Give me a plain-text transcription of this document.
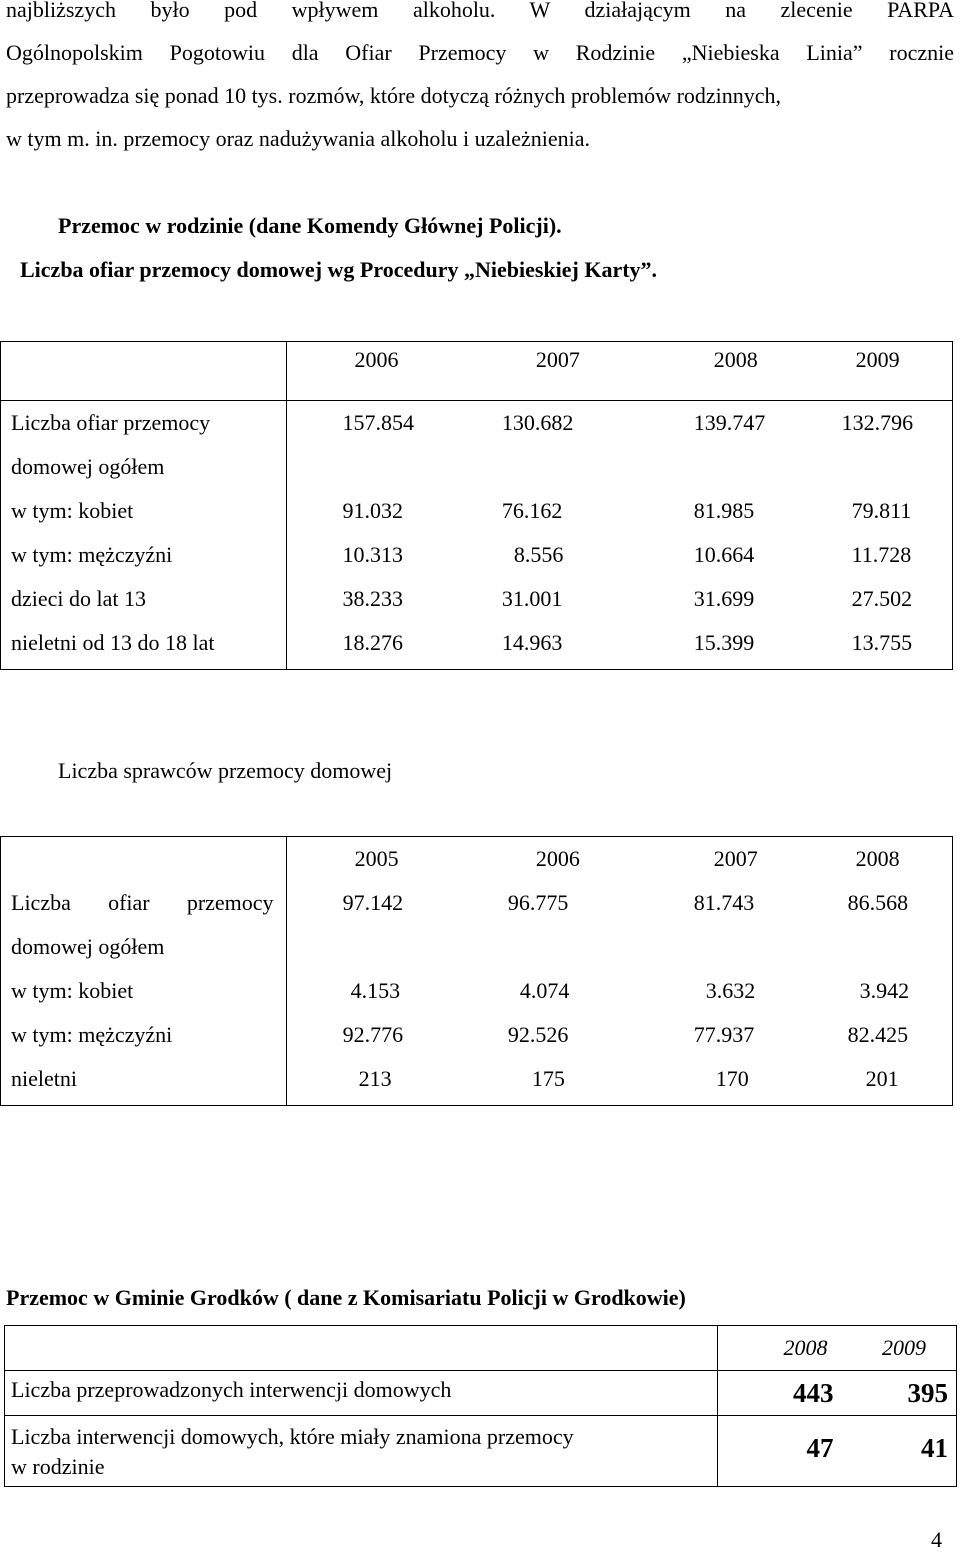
najbliższych było pod wpływem alkoholu. W działającym na zlecenie PARPA
Ogólnopolskim Pogotowiu dla Ofiar Przemocy w Rodzinie „Niebieska Linia” rocznie
przeprowadza się ponad 10 tys. rozmów, które dotyczą różnych problemów rodzinnych,
w tym m. in. przemocy oraz nadużywania alkoholu i uzależnienia.
Przemoc w rodzinie (dane Komendy Głównej Policji).
Liczba ofiar przemocy domowej wg Procedury „Niebieskiej Karty”.
	2006	2007	2008	2009

Liczba ofiar przemocy
domowej ogółem	157.854	130.682	139.747	132.796
w tym: kobiet	91.032	76.162	81.985	79.811
w tym: mężczyźni	10.313	8.556	10.664	11.728
dzieci do lat 13	38.233	31.001	31.699	27.502
nieletni od 13 do 18 lat	18.276	14.963	15.399	13.755
Liczba sprawców przemocy domowej
	2005	2006	2007	2008

Liczba ofiar przemocy
domowej ogółem	97.142	96.775	81.743	86.568
w tym: kobiet	4.153	4.074	3.632	3.942
w tym: mężczyźni	92.776	92.526	77.937	82.425
nieletni	213	175	170	201
Przemoc w Gminie Grodków ( dane z Komisariatu Policji w Grodkowie)
	2008	2009
Liczba przeprowadzonych interwencji domowych	443	395

Liczba interwencji domowych, które miały znamiona przemocy
w rodzinie	47	41
4
